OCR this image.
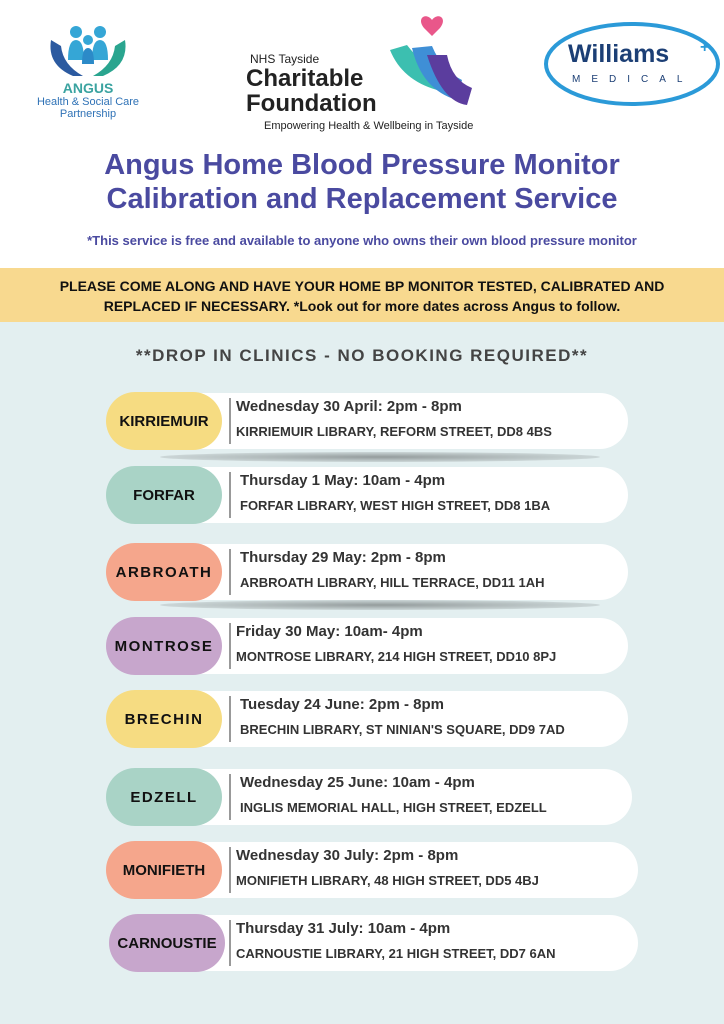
ANGUS
Health & Social Care Partnership
NHS Tayside
Charitable
Foundation
Empowering Health & Wellbeing in Tayside
+
Williams
MEDICAL
Angus Home Blood Pressure Monitor
Calibration and Replacement Service
*This service is free and available to anyone who owns their own blood pressure monitor
PLEASE COME ALONG AND HAVE YOUR HOME BP MONITOR TESTED, CALIBRATED AND
REPLACED IF NECESSARY. *Look out for more dates across Angus to follow.
**DROP IN CLINICS - NO BOOKING REQUIRED**
KIRRIEMUIR
Wednesday 30 April: 2pm - 8pm
KIRRIEMUIR LIBRARY, REFORM STREET, DD8 4BS
FORFAR
Thursday 1 May: 10am - 4pm
FORFAR LIBRARY, WEST HIGH STREET, DD8 1BA
ARBROATH
Thursday 29 May: 2pm - 8pm
ARBROATH LIBRARY, HILL TERRACE, DD11 1AH
MONTROSE
Friday 30 May: 10am- 4pm
MONTROSE LIBRARY, 214 HIGH STREET, DD10 8PJ
BRECHIN
Tuesday 24 June: 2pm - 8pm
BRECHIN LIBRARY, ST NINIAN'S SQUARE, DD9 7AD
EDZELL
Wednesday 25 June: 10am - 4pm
INGLIS MEMORIAL HALL, HIGH STREET, EDZELL
MONIFIETH
Wednesday 30 July: 2pm - 8pm
MONIFIETH LIBRARY, 48 HIGH STREET, DD5 4BJ
CARNOUSTIE
Thursday 31 July: 10am - 4pm
CARNOUSTIE LIBRARY, 21 HIGH STREET, DD7 6AN
